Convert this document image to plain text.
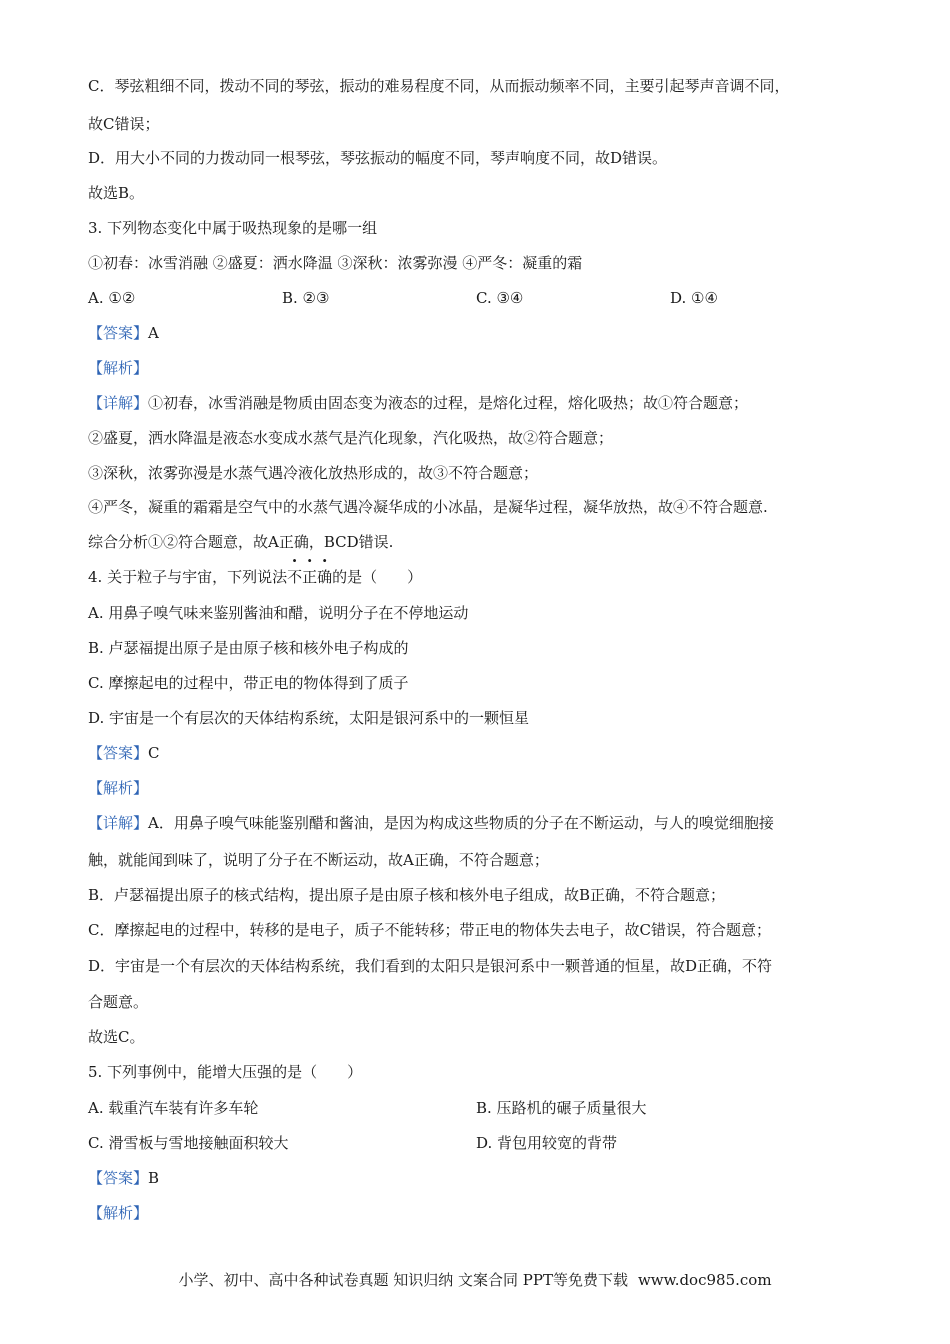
C．琴弦粗细不同，拨动不同的琴弦，振动的难易程度不同，从而振动频率不同，主要引起琴声音调不同，
故C错误；
D．用大小不同的力拨动同一根琴弦，琴弦振动的幅度不同，琴声响度不同，故D错误。
故选B。
3. 下列物态变化中属于吸热现象的是哪一组
①初春：冰雪消融 ②盛夏：洒水降温 ③深秋：浓雾弥漫 ④严冬：凝重的霜
A. ①②	B. ②③	C. ③④	D. ①④
【答案】A
【解析】
【详解】①初春，冰雪消融是物质由固态变为液态的过程，是熔化过程，熔化吸热；故①符合题意；
②盛夏，洒水降温是液态水变成水蒸气是汽化现象，汽化吸热，故②符合题意；
③深秋，浓雾弥漫是水蒸气遇冷液化放热形成的，故③不符合题意；
④严冬，凝重的霜霜是空气中的水蒸气遇冷凝华成的小冰晶，是凝华过程，凝华放热，故④不符合题意.
综合分析①②符合题意，故A正确，BCD错误.
4. 关于粒子与宇宙，下列说法不正确的是（　　）
A. 用鼻子嗅气味来鉴别酱油和醋，说明分子在不停地运动
B. 卢瑟福提出原子是由原子核和核外电子构成的
C. 摩擦起电的过程中，带正电的物体得到了质子
D. 宇宙是一个有层次的天体结构系统，太阳是银河系中的一颗恒星
【答案】C
【解析】
【详解】A．用鼻子嗅气味能鉴别醋和酱油，是因为构成这些物质的分子在不断运动，与人的嗅觉细胞接
触，就能闻到味了，说明了分子在不断运动，故A正确，不符合题意；
B．卢瑟福提出原子的核式结构，提出原子是由原子核和核外电子组成，故B正确，不符合题意；
C．摩擦起电的过程中，转移的是电子，质子不能转移；带正电的物体失去电子，故C错误，符合题意；
D．宇宙是一个有层次的天体结构系统，我们看到的太阳只是银河系中一颗普通的恒星，故D正确，不符
合题意。
故选C。
5. 下列事例中，能增大压强的是（　　）
A. 载重汽车装有许多车轮	B. 压路机的碾子质量很大
C. 滑雪板与雪地接触面积较大	D. 背包用较宽的背带
【答案】B
【解析】
小学、初中、高中各种试卷真题 知识归纳 文案合同 PPT等免费下载 www.doc985.com
